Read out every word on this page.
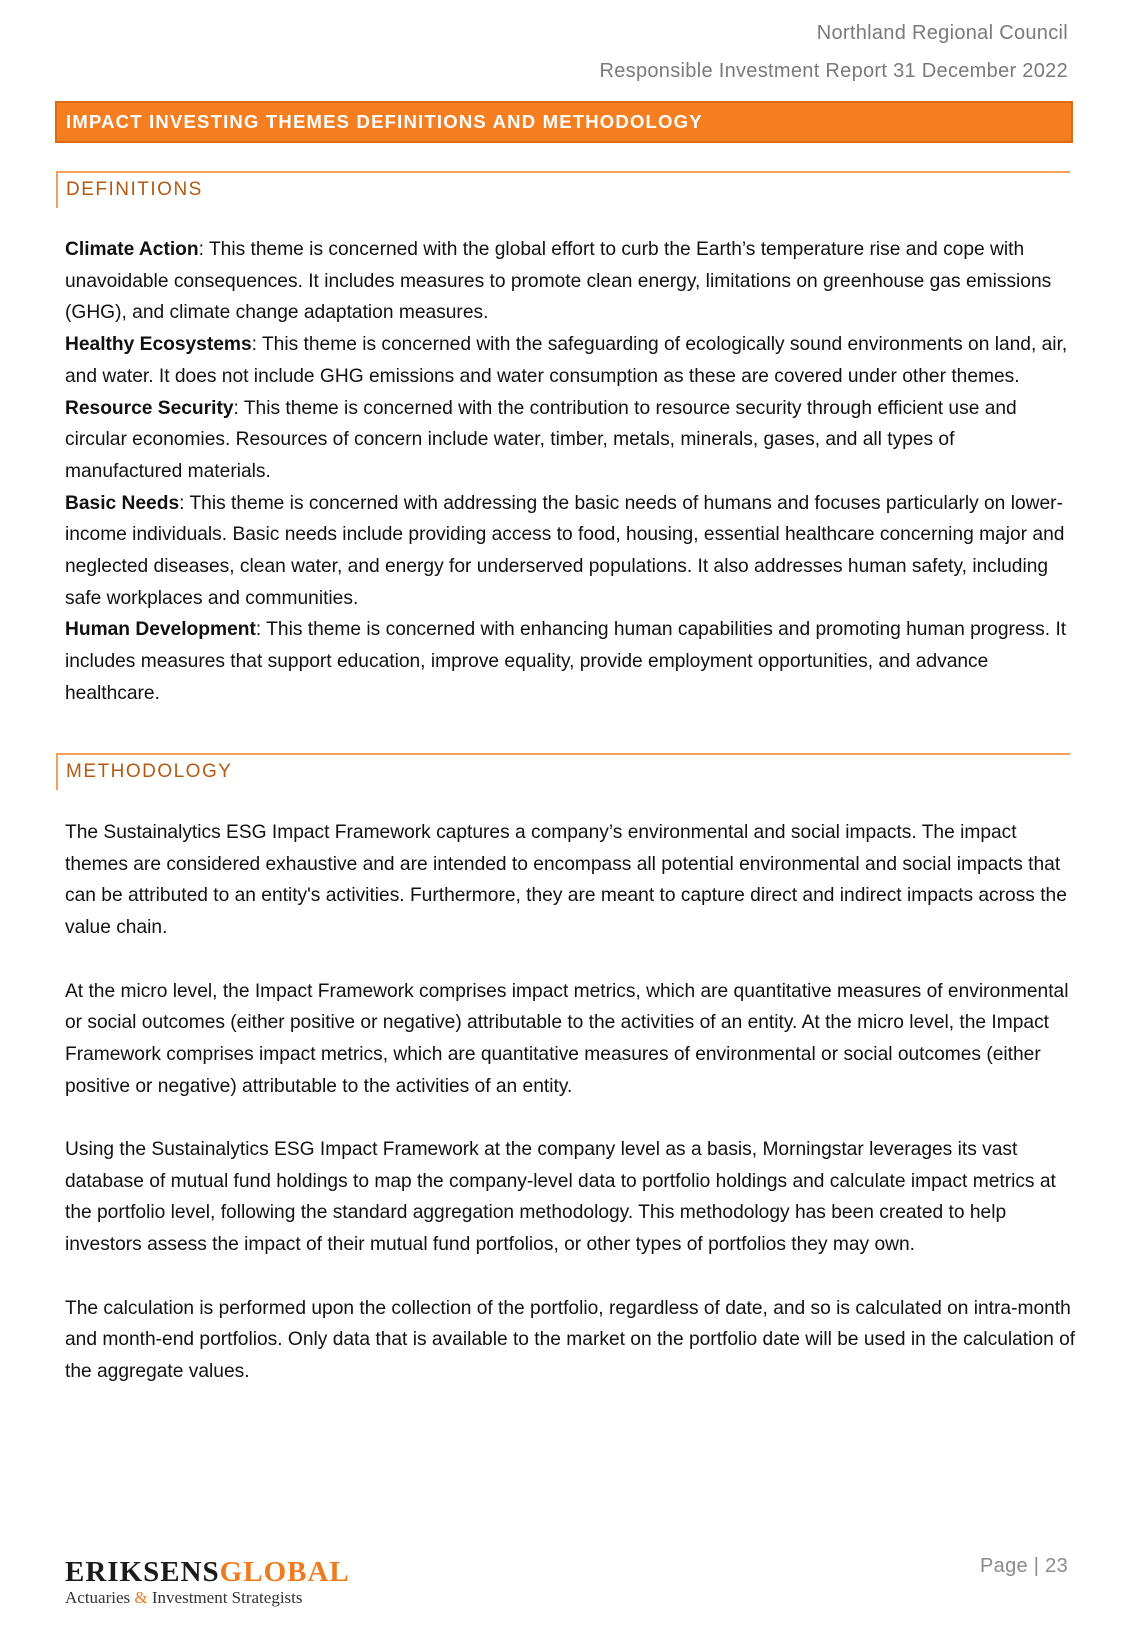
Northland Regional Council
Responsible Investment Report 31 December 2022
IMPACT INVESTING THEMES DEFINITIONS AND METHODOLOGY
DEFINITIONS

Climate Action: This theme is concerned with the global effort to curb the Earth’s temperature rise and cope with unavoidable consequences. It includes measures to promote clean energy, limitations on greenhouse gas emissions (GHG), and climate change adaptation measures.

Healthy Ecosystems: This theme is concerned with the safeguarding of ecologically sound environments on land, air, and water. It does not include GHG emissions and water consumption as these are covered under other themes.

Resource Security: This theme is concerned with the contribution to resource security through efficient use and circular economies. Resources of concern include water, timber, metals, minerals, gases, and all types of manufactured materials.

Basic Needs: This theme is concerned with addressing the basic needs of humans and focuses particularly on lower-income individuals. Basic needs include providing access to food, housing, essential healthcare concerning major and neglected diseases, clean water, and energy for underserved populations. It also addresses human safety, including safe workplaces and communities.

Human Development: This theme is concerned with enhancing human capabilities and promoting human progress. It includes measures that support education, improve equality, provide employment opportunities, and advance healthcare.

METHODOLOGY

The Sustainalytics ESG Impact Framework captures a company’s environmental and social impacts. The impact themes are considered exhaustive and are intended to encompass all potential environmental and social impacts that can be attributed to an entity's activities. Furthermore, they are meant to capture direct and indirect impacts across the value chain.

At the micro level, the Impact Framework comprises impact metrics, which are quantitative measures of environmental or social outcomes (either positive or negative) attributable to the activities of an entity. At the micro level, the Impact Framework comprises impact metrics, which are quantitative measures of environmental or social outcomes (either positive or negative) attributable to the activities of an entity.

Using the Sustainalytics ESG Impact Framework at the company level as a basis, Morningstar leverages its vast database of mutual fund holdings to map the company-level data to portfolio holdings and calculate impact metrics at the portfolio level, following the standard aggregation methodology. This methodology has been created to help investors assess the impact of their mutual fund portfolios, or other types of portfolios they may own.

The calculation is performed upon the collection of the portfolio, regardless of date, and so is calculated on intra-month and month-end portfolios. Only data that is available to the market on the portfolio date will be used in the calculation of the aggregate values.

ERIKSENSGLOBAL
Actuaries & Investment Strategists
Page | 23
